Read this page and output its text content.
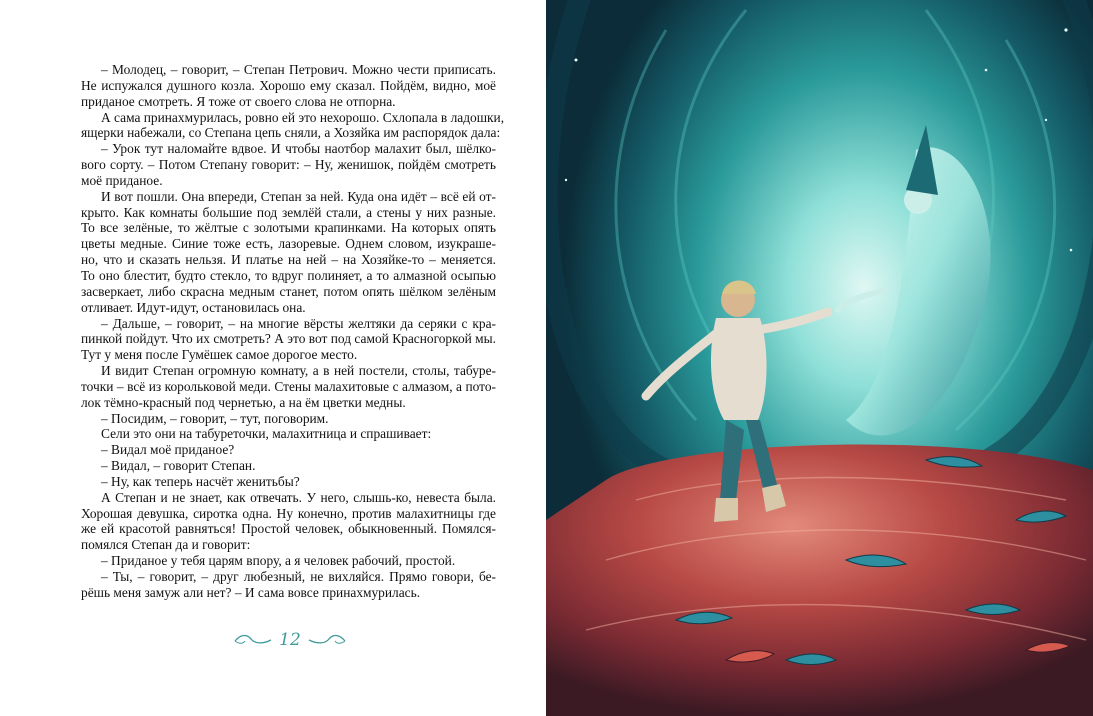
– Молодец, – говорит, – Степан Петрович. Можно чести приписать.
Не испужался душного козла. Хорошо ему сказал. Пойдём, видно, моё
приданое смотреть. Я тоже от своего слова не отпорна.

А сама принахмурилась, ровно ей это нехорошо. Схлопала в ладошки,
ящерки набежали, со Степана цепь сняли, а Хозяйка им распорядок дала:

– Урок тут наломайте вдвое. И чтобы наотбор малахит был, шёлко-
вого сорту. – Потом Степану говорит: – Ну, женишок, пойдём смотреть
моё приданое.

И вот пошли. Она впереди, Степан за ней. Куда она идёт – всё ей от-
крыто. Как комнаты большие под землёй стали, а стены у них разные.
То все зелёные, то жёлтые с золотыми крапинками. На которых опять
цветы медные. Синие тоже есть, лазоревые. Однем словом, изукраше-
но, что и сказать нельзя. И платье на ней – на Хозяйке-то – меняется.
То оно блестит, будто стекло, то вдруг полиняет, а то алмазной осыпью
засверкает, либо скрасна медным станет, потом опять шёлком зелёным
отливает. Идут-идут, остановилась она.

– Дальше, – говорит, – на многие вёрсты желтяки да серяки с кра-
пинкой пойдут. Что их смотреть? А это вот под самой Красногоркой мы.
Тут у меня после Гумёшек самое дорогое место.

И видит Степан огромную комнату, а в ней постели, столы, табуре-
точки – всё из корольковой меди. Стены малахитовые с алмазом, а пото-
лок тёмно-красный под чернетью, а на ём цветки медны.

– Посидим, – говорит, – тут, поговорим.

Сели это они на табуреточки, малахитница и спрашивает:

– Видал моё приданое?

– Видал, – говорит Степан.

– Ну, как теперь насчёт женитьбы?

А Степан и не знает, как отвечать. У него, слышь-ко, невеста была.
Хорошая девушка, сиротка одна. Ну конечно, против малахитницы где
же ей красотой равняться! Простой человек, обыкновенный. Помялся-
помялся Степан да и говорит:

– Приданое у тебя царям впору, а я человек рабочий, простой.

– Ты, – говорит, – друг любезный, не вихляйся. Прямо говори, бе-
рёшь меня замуж али нет? – И сама вовсе принахмурилась.

12
